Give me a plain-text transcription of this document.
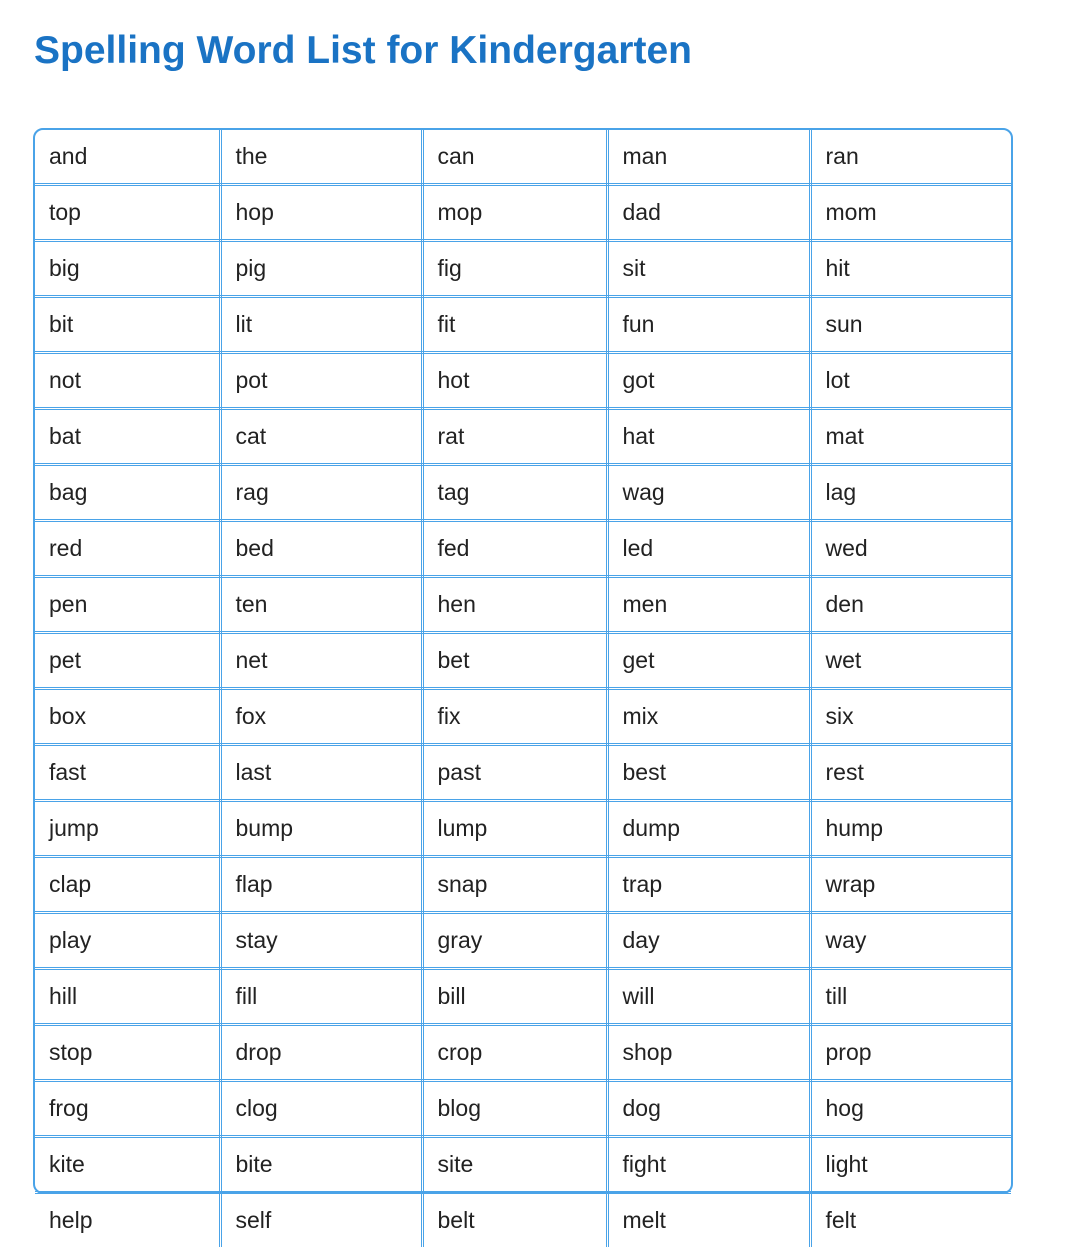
Spelling Word List for Kindergarten
and	the	can	man	ran
top	hop	mop	dad	mom
big	pig	fig	sit	hit
bit	lit	fit	fun	sun
not	pot	hot	got	lot
bat	cat	rat	hat	mat
bag	rag	tag	wag	lag
red	bed	fed	led	wed
pen	ten	hen	men	den
pet	net	bet	get	wet
box	fox	fix	mix	six
fast	last	past	best	rest
jump	bump	lump	dump	hump
clap	flap	snap	trap	wrap
play	stay	gray	day	way
hill	fill	bill	will	till
stop	drop	crop	shop	prop
frog	clog	blog	dog	hog
kite	bite	site	fight	light
help	self	belt	melt	felt
